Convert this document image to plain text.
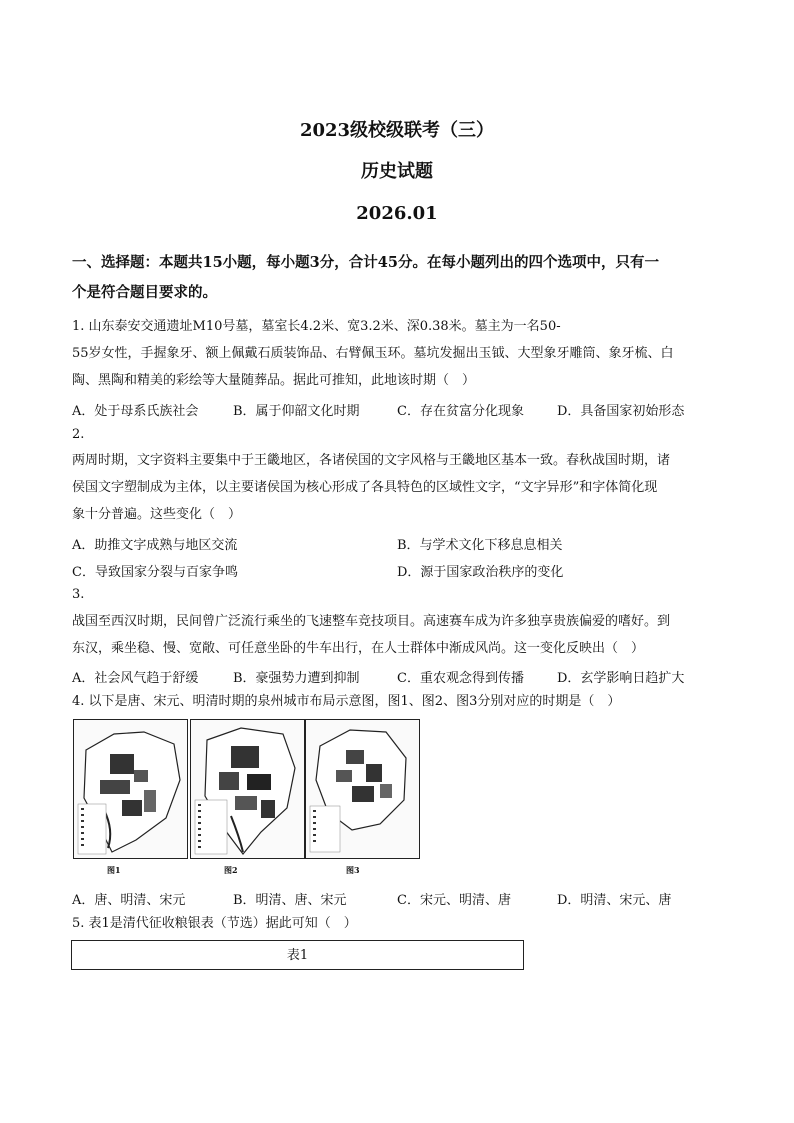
2023级校级联考（三）
历史试题
2026.01
一、选择题：本题共15小题，每小题3分，合计45分。在每小题列出的四个选项中，只有一
个是符合题目要求的。
1. 山东泰安交通遗址M10号墓，墓室长4.2米、宽3.2米、深0.38米。墓主为一名50-
55岁女性，手握象牙、额上佩戴石质装饰品、右臂佩玉环。墓坑发掘出玉钺、大型象牙雕筒、象牙梳、白
陶、黑陶和精美的彩绘等大量随葬品。据此可推知，此地该时期（　）
A．处于母系氏族社会	B．属于仰韶文化时期	C．存在贫富分化现象	D．具备国家初始形态
2.
两周时期，文字资料主要集中于王畿地区，各诸侯国的文字风格与王畿地区基本一致。春秋战国时期，诸
侯国文字塑制成为主体，以主要诸侯国为核心形成了各具特色的区域性文字，“文字异形”和字体简化现
象十分普遍。这些变化（　）
A．助推文字成熟与地区交流	B．与学术文化下移息息相关
C．导致国家分裂与百家争鸣	D．源于国家政治秩序的变化
3.
战国至西汉时期，民间曾广泛流行乘坐的飞速整车竞技项目。高速赛车成为许多独享贵族偏爱的嗜好。到
东汉，乘坐稳、慢、宽敞、可任意坐卧的牛车出行，在人士群体中渐成风尚。这一变化反映出（　）
A．社会风气趋于舒缓	B．豪强势力遭到抑制	C．重农观念得到传播	D．玄学影响日趋扩大
4. 以下是唐、宋元、明清时期的泉州城市布局示意图，图1、图2、图3分别对应的时期是（　）
图1	图2	图3
A．唐、明清、宋元	B．明清、唐、宋元	C．宋元、明清、唐	D．明清、宋元、唐
5. 表1是清代征收粮银表（节选）据此可知（　）
表1
